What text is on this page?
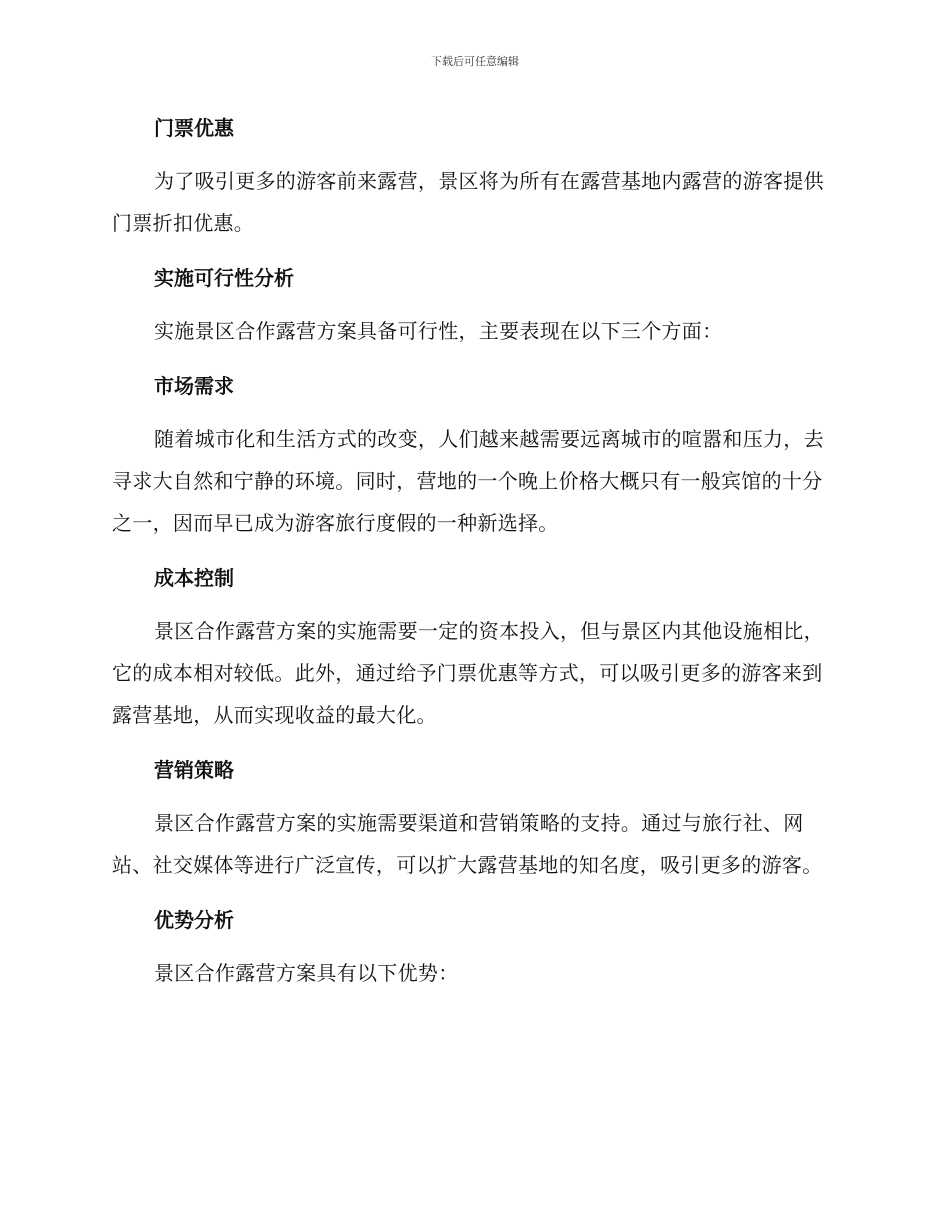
下载后可任意编辑
门票优惠
为了吸引更多的游客前来露营，景区将为所有在露营基地内露营的游客提供门票折扣优惠。
实施可行性分析
实施景区合作露营方案具备可行性，主要表现在以下三个方面：
市场需求
随着城市化和生活方式的改变，人们越来越需要远离城市的喧嚣和压力，去寻求大自然和宁静的环境。同时，营地的一个晚上价格大概只有一般宾馆的十分之一，因而早已成为游客旅行度假的一种新选择。
成本控制
景区合作露营方案的实施需要一定的资本投入，但与景区内其他设施相比，它的成本相对较低。此外，通过给予门票优惠等方式，可以吸引更多的游客来到露营基地，从而实现收益的最大化。
营销策略
景区合作露营方案的实施需要渠道和营销策略的支持。通过与旅行社、网站、社交媒体等进行广泛宣传，可以扩大露营基地的知名度，吸引更多的游客。
优势分析
景区合作露营方案具有以下优势：
